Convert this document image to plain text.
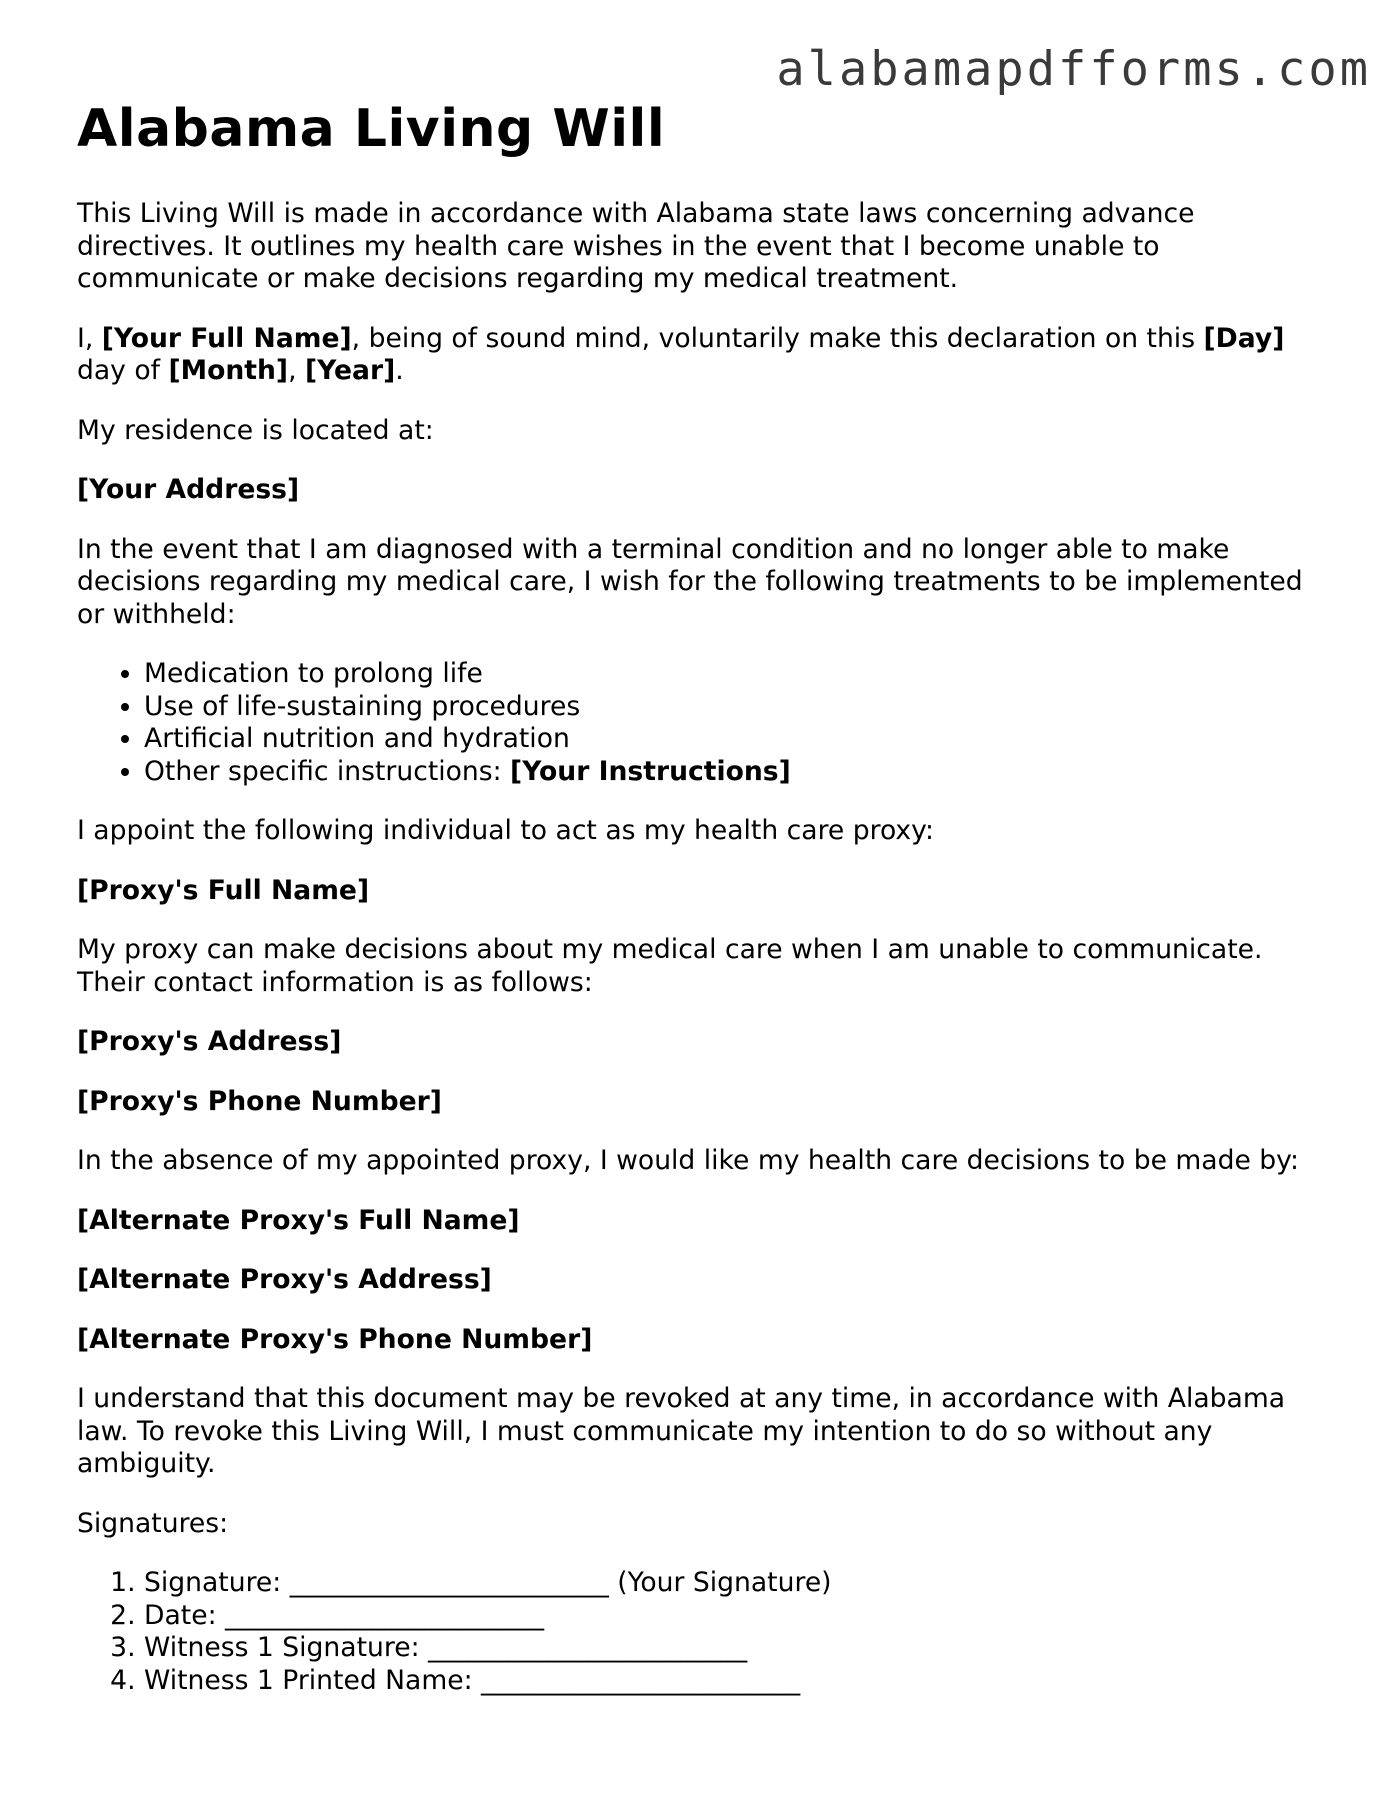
alabamapdfforms.com
Alabama Living Will

This Living Will is made in accordance with Alabama state laws concerning advance directives. It outlines my health care wishes in the event that I become unable to communicate or make decisions regarding my medical treatment.

I, [Your Full Name], being of sound mind, voluntarily make this declaration on this [Day] day of [Month], [Year].

My residence is located at:

[Your Address]

In the event that I am diagnosed with a terminal condition and no longer able to make decisions regarding my medical care, I wish for the following treatments to be implemented or withheld:

• Medication to prolong life
• Use of life-sustaining procedures
• Artificial nutrition and hydration
• Other specific instructions: [Your Instructions]

I appoint the following individual to act as my health care proxy:

[Proxy's Full Name]

My proxy can make decisions about my medical care when I am unable to communicate. Their contact information is as follows:

[Proxy's Address]

[Proxy's Phone Number]

In the absence of my appointed proxy, I would like my health care decisions to be made by:

[Alternate Proxy's Full Name]

[Alternate Proxy's Address]

[Alternate Proxy's Phone Number]

I understand that this document may be revoked at any time, in accordance with Alabama law. To revoke this Living Will, I must communicate my intention to do so without any ambiguity.

Signatures:

1. Signature: ________________________ (Your Signature)
2. Date: ________________________
3. Witness 1 Signature: ________________________
4. Witness 1 Printed Name: ________________________
